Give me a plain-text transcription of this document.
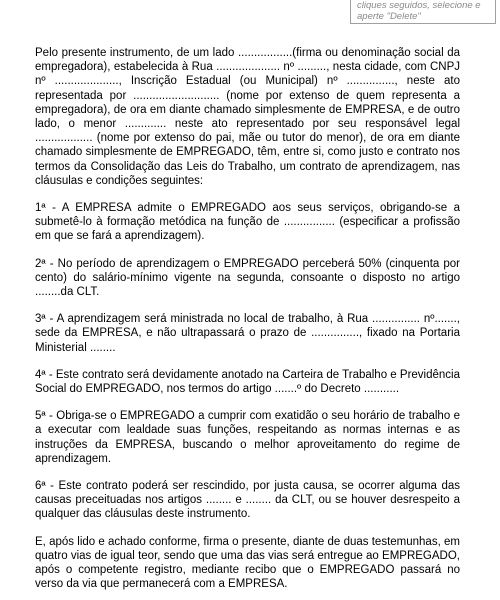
cliques seguidos, selecione e aperte "Delete"

Pelo presente instrumento, de um lado .................(firma ou denominação social da empregadora), estabelecida à Rua .................... nº ........., nesta cidade, com CNPJ nº ...................., Inscrição Estadual (ou Municipal) nº ..............., neste ato representada por ........................... (nome por extenso de quem representa a empregadora), de ora em diante chamado simplesmente de EMPRESA, e de outro lado, o menor ............. neste ato representado por seu responsável legal .................. (nome por extenso do pai, mãe ou tutor do menor), de ora em diante chamado simplesmente de EMPREGADO, têm, entre si, como justo e contrato nos termos da Consolidação das Leis do Trabalho, um contrato de aprendizagem, nas cláusulas e condições seguintes:

1ª - A EMPRESA admite o EMPREGADO aos seus serviços, obrigando-se a submetê-lo à formação metódica na função de ................ (especificar a profissão em que se fará a aprendizagem).

2ª - No período de aprendizagem o EMPREGADO perceberá 50% (cinquenta por cento) do salário-mínimo vigente na segunda, consoante o disposto no artigo ........da CLT.

3ª - A aprendizagem será ministrada no local de trabalho, à Rua ............... nº......., sede da EMPRESA, e não ultrapassará o prazo de ..............., fixado na Portaria Ministerial ........

4ª - Este contrato será devidamente anotado na Carteira de Trabalho e Previdência Social do EMPREGADO, nos termos do artigo .......º do Decreto ...........

5ª - Obriga-se o EMPREGADO a cumprir com exatidão o seu horário de trabalho e a executar com lealdade suas funções, respeitando as normas internas e as instruções da EMPRESA, buscando o melhor aproveitamento do regime de aprendizagem.

6ª - Este contrato poderá ser rescindido, por justa causa, se ocorrer alguma das causas preceituadas nos artigos ........ e ........ da CLT, ou se houver desrespeito a qualquer das cláusulas deste instrumento.

E, após lido e achado conforme, firma o presente, diante de duas testemunhas, em quatro vias de igual teor, sendo que uma das vias será entregue ao EMPREGADO, após o competente registro, mediante recibo que o EMPREGADO passará no verso da via que permanecerá com a EMPRESA.
